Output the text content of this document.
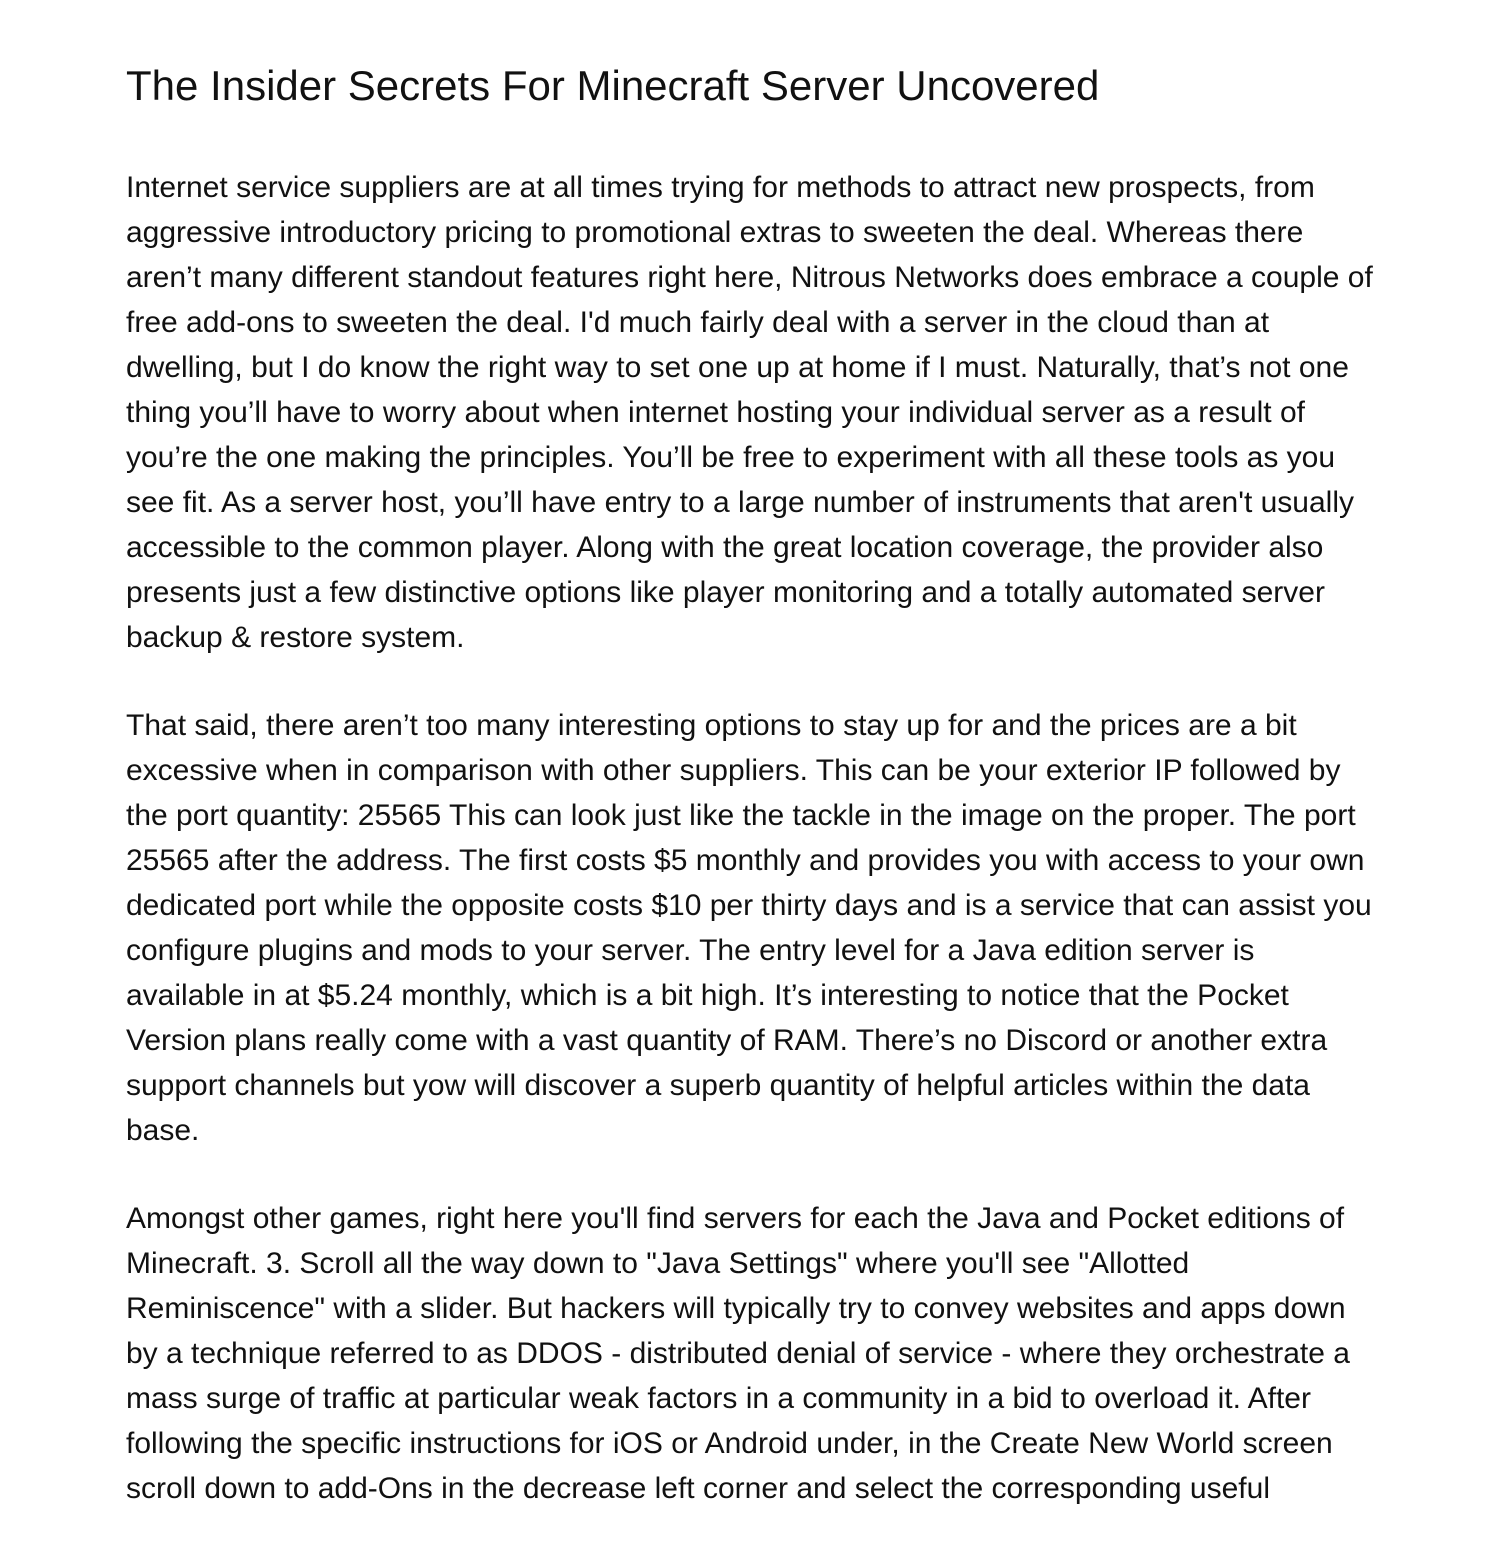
The Insider Secrets For Minecraft Server Uncovered

Internet service suppliers are at all times trying for methods to attract new prospects, from aggressive introductory pricing to promotional extras to sweeten the deal. Whereas there aren’t many different standout features right here, Nitrous Networks does embrace a couple of free add-ons to sweeten the deal. I'd much fairly deal with a server in the cloud than at dwelling, but I do know the right way to set one up at home if I must. Naturally, that’s not one thing you’ll have to worry about when internet hosting your individual server as a result of you’re the one making the principles. You’ll be free to experiment with all these tools as you see fit. As a server host, you’ll have entry to a large number of instruments that aren't usually accessible to the common player. Along with the great location coverage, the provider also presents just a few distinctive options like player monitoring and a totally automated server backup & restore system.

That said, there aren’t too many interesting options to stay up for and the prices are a bit excessive when in comparison with other suppliers. This can be your exterior IP followed by the port quantity: 25565 This can look just like the tackle in the image on the proper. The port 25565 after the address. The first costs $5 monthly and provides you with access to your own dedicated port while the opposite costs $10 per thirty days and is a service that can assist you configure plugins and mods to your server. The entry level for a Java edition server is available in at $5.24 monthly, which is a bit high. It’s interesting to notice that the Pocket Version plans really come with a vast quantity of RAM. There’s no Discord or another extra support channels but yow will discover a superb quantity of helpful articles within the data base.

Amongst other games, right here you'll find servers for each the Java and Pocket editions of Minecraft. 3. Scroll all the way down to "Java Settings" where you'll see "Allotted Reminiscence" with a slider. But hackers will typically try to convey websites and apps down by a technique referred to as DDOS - distributed denial of service - where they orchestrate a mass surge of traffic at particular weak factors in a community in a bid to overload it. After following the specific instructions for iOS or Android under, in the Create New World screen scroll down to add-Ons in the decrease left corner and select the corresponding useful
